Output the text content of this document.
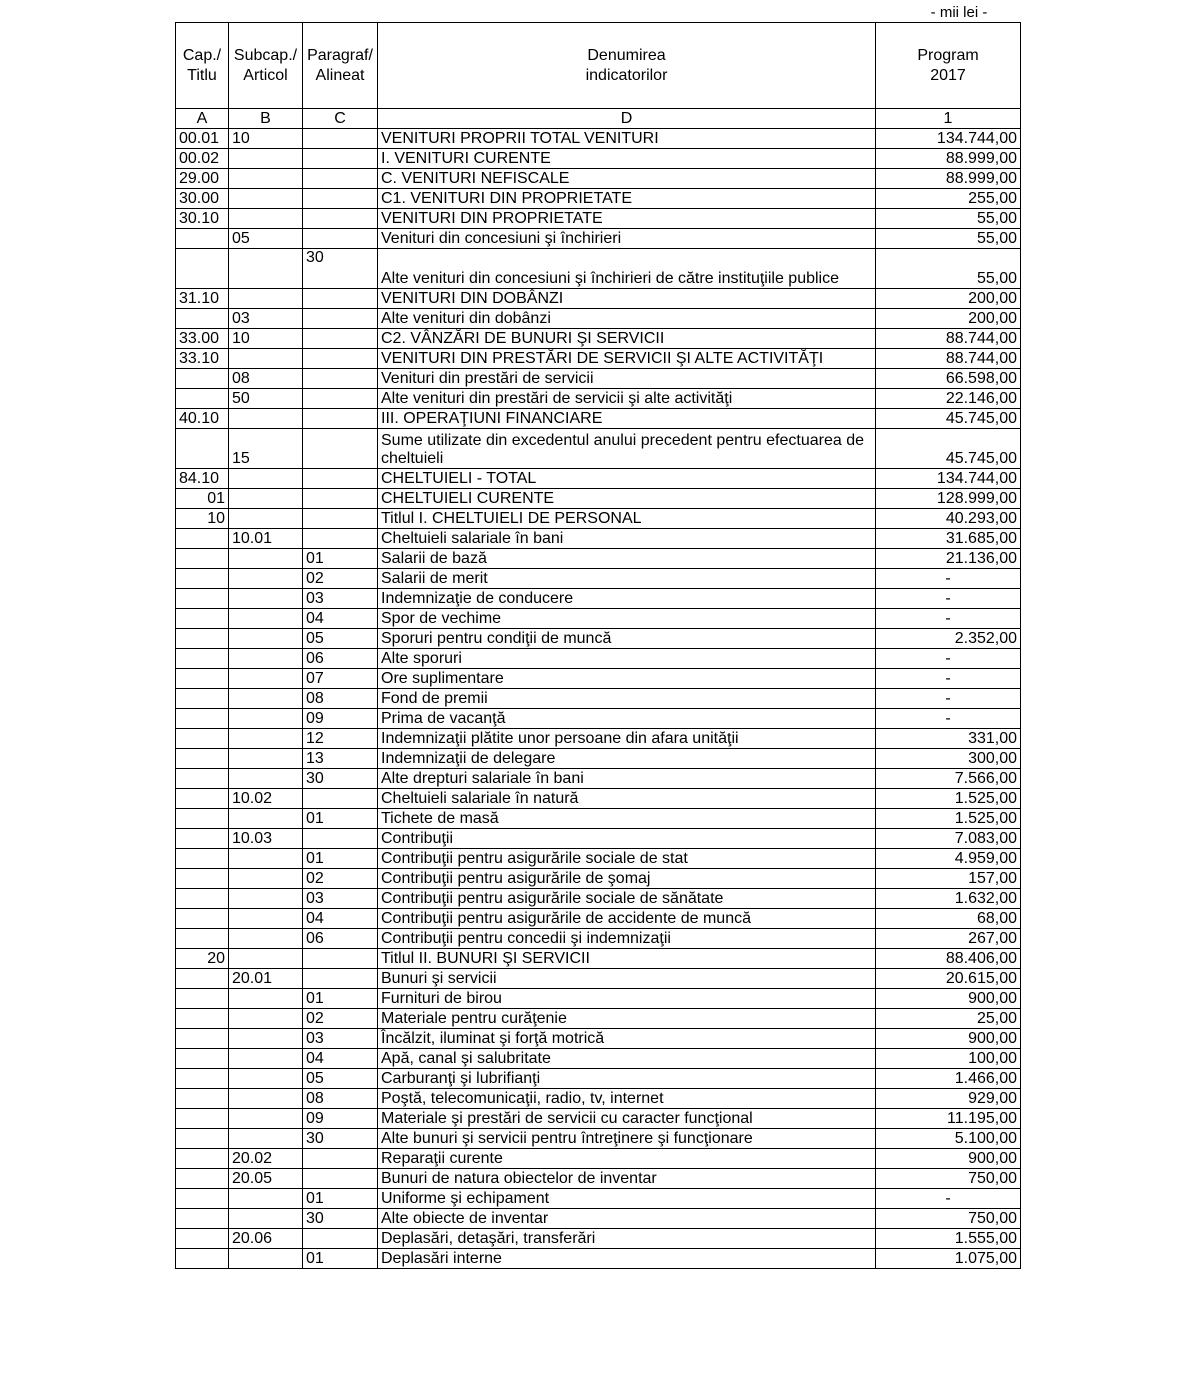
- mii lei -
Cap./ Titlu	Subcap./ Articol	Paragraf/ Alineat	Denumirea indicatorilor	Program 2017
A	B	C	D	1
00.01	10		VENITURI PROPRII TOTAL VENITURI	134.744,00
00.02			I. VENITURI CURENTE	88.999,00
29.00			C. VENITURI NEFISCALE	88.999,00
30.00			C1. VENITURI DIN PROPRIETATE	255,00
30.10			VENITURI DIN PROPRIETATE	55,00
	05		Venituri din concesiuni şi închirieri	55,00
		30	Alte venituri din concesiuni şi închirieri de către instituţiile publice	55,00
31.10			VENITURI DIN DOBÂNZI	200,00
	03		Alte venituri din dobânzi	200,00
33.00	10		C2. VÂNZĂRI DE BUNURI ŞI SERVICII	88.744,00
33.10			VENITURI DIN PRESTĂRI DE SERVICII ŞI ALTE ACTIVITĂŢI	88.744,00
	08		Venituri din prestări de servicii	66.598,00
	50		Alte venituri din prestări de servicii şi alte activităţi	22.146,00
40.10			III. OPERAŢIUNI FINANCIARE	45.745,00
	15		Sume utilizate din excedentul anului precedent pentru efectuarea de cheltuieli	45.745,00
84.10			CHELTUIELI - TOTAL	134.744,00
01			CHELTUIELI CURENTE	128.999,00
10			Titlul I. CHELTUIELI DE PERSONAL	40.293,00
	10.01		Cheltuieli salariale în bani	31.685,00
		01	Salarii de bază	21.136,00
		02	Salarii de merit	-
		03	Indemnizaţie de conducere	-
		04	Spor de vechime	-
		05	Sporuri pentru condiţii de muncă	2.352,00
		06	Alte sporuri	-
		07	Ore suplimentare	-
		08	Fond de premii	-
		09	Prima de vacanţă	-
		12	Indemnizaţii plătite unor persoane din afara unităţii	331,00
		13	Indemnizaţii de delegare	300,00
		30	Alte drepturi salariale în bani	7.566,00
	10.02		Cheltuieli salariale în natură	1.525,00
		01	Tichete de masă	1.525,00
	10.03		Contribuţii	7.083,00
		01	Contribuţii pentru asigurările sociale de stat	4.959,00
		02	Contribuţii pentru asigurările de şomaj	157,00
		03	Contribuţii pentru asigurările sociale de sănătate	1.632,00
		04	Contribuţii pentru asigurările de accidente de muncă	68,00
		06	Contribuţii pentru concedii şi indemnizaţii	267,00
20			Titlul II. BUNURI ŞI SERVICII	88.406,00
	20.01		Bunuri şi servicii	20.615,00
		01	Furnituri de birou	900,00
		02	Materiale pentru curăţenie	25,00
		03	Încălzit, iluminat şi forţă motrică	900,00
		04	Apă, canal şi salubritate	100,00
		05	Carburanţi şi lubrifianţi	1.466,00
		08	Poştă, telecomunicaţii, radio, tv, internet	929,00
		09	Materiale şi prestări de servicii cu caracter funcţional	11.195,00
		30	Alte bunuri şi servicii pentru întreţinere şi funcţionare	5.100,00
	20.02		Reparaţii curente	900,00
	20.05		Bunuri de natura obiectelor de inventar	750,00
		01	Uniforme şi echipament	-
		30	Alte obiecte de inventar	750,00
	20.06		Deplasări, detaşări, transferări	1.555,00
		01	Deplasări interne	1.075,00
